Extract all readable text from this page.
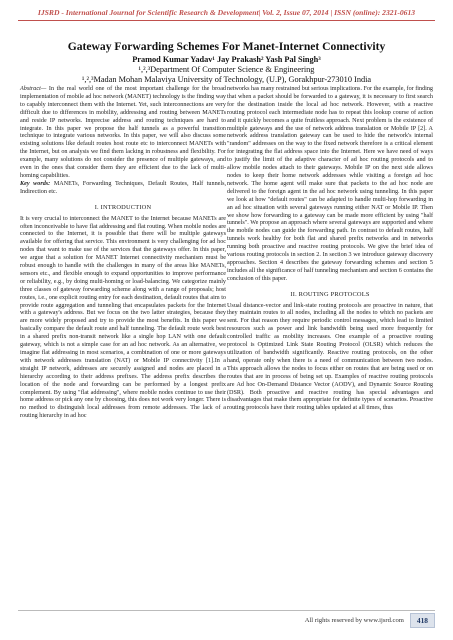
IJSRD - International Journal for Scientific Research & Development| Vol. 2, Issue 07, 2014 | ISSN (online): 2321-0613
Gateway Forwarding Schemes For Manet-Internet Connectivity
Pramod Kumar Yadav¹ Jay Prakash² Yash Pal Singh³
¹,²,³Department Of Computer Science & Engineering
¹,²,³Madan Mohan Malaviya University of Technology, (U.P), Gorakhpur-273010 India

Abstract— In the real world one of the most important challenge for the broad implementation of mobile ad hoc network (MANET) technology is the finding way to capably interconnect them with the Internet. Yet, such interconnections are very difficult due to differences in mobility, addressing and routing between MANETs and reside IP networks. Imprecise address and routing techniques are hard to integrate. In this paper we propose the half tunnels as a powerful transition technique to integrate various networks. In this paper, we will also discuss some existing solutions like default routes host route etc to interconnect MANETs with the Internet, but on analysis we find them lacking in robustness and flexibility. For example, many solutions do not consider the presence of multiple gateways, and even in the ones that consider them they are efficient due to the lack of multi-homing capabilities.

Key words: MANETs, Forwarding Techniques, Default Routes, Half tunnels, Indirection etc.

I. INTRODUCTION

It is very crucial to interconnect the MANET to the Internet because MANETs are often inconceivable to have flat addressing and flat routing. When mobile nodes are connected to the Internet, it is possible that there will be multiple gateways available for offering that service. This environment is very challenging for ad hoc nodes that want to make use of the services that the gateways offer. In this paper, we argue that a solution for MANET Internet connectivity mechanism must be robust enough to handle with the challenges in many of the areas like MANETs, sensors etc., and flexible enough to expand opportunities to improve performance or reliability, e.g., by doing multi-homing or load-balancing. We categorize mainly three classes of gateway forwarding scheme along with a range of proposals; host routes, i.e., one explicit routing entry for each destination, default routes that aim to provide route aggregation and tunneling that encapsulates packets for the Internet with a gateway's address. But we focus on the two latter strategies, because they are more widely proposed and try to provide the most benefits. In this paper we basically compare the default route and half tunneling. The default route work best in a shared prefix non-transit network like a single hop LAN with one default gateway, which is not a simple case for an ad hoc network. As an alternative, we imagine flat addressing in most scenarios, a combination of one or more gateways with network addresses translation (NAT) or Mobile IP connectivity [1].In a straight IP network, addresses are securely assigned and nodes are placed in a hierarchy according to their address prefixes. The address prefix describes the location of the node and forwarding can be performed by a longest prefix complement. By using "flat addressing", where mobile nodes continue to use their home address or pick any one by choosing, this does not work very longer. There is no method to distinguish local addresses from remote addresses. The lack of a routing hierarchy in ad hoc

networks has many restrained but serious implications. For the example, for finding that when a packet should be forwarded to a gateway, it is necessary to first search for the destination inside the local ad hoc network. However, with a reactive routing protocol each intermediate node has to repeat this lookup course of action and it quickly becomes a quite fruitless approach. Next problem is the existence of multiple gateways and the use of network address translation or Mobile IP [2]. A network address translation gateway can be used to hide the network's internal "random" addresses on the way to the fixed network therefore is a critical element for integrating the flat address space into the Internet. Here we have need of ways to justify the limit of the adaptive character of ad hoc routing protocols and to allow mobile nodes attach to their gateways. Mobile IP on the next side allows nodes to keep their home network addresses while visiting a foreign ad hoc network. The home agent will make sure that packets to the ad hoc node are delivered to the foreign agent in the ad hoc network using tunneling. In this paper we look at how "default routes" can be adapted to handle multi-hop forwarding in an ad hoc situation with several gateways running either NAT or Mobile IP. Then we show how forwarding to a gateway can be made more efficient by using "half tunnels". We propose an approach where several gateways are supported and where the mobile nodes can guide the forwarding path. In contrast to default routes, half tunnels work healthy for both flat and shared prefix networks and in networks running both proactive and reactive routing protocols. We give the brief idea of various routing protocols in section 2. In section 3 we introduce gateway discovery approaches. Section 4 describes the gateway forwarding schemes and section 5 includes all the significance of half tunneling mechanism and section 6 contains the conclusion of this paper.

II. ROUTING PROTOCOLS

Usual distance-vector and link-state routing protocols are proactive in nature, that they maintain routes to all nodes, including all the nodes to which no packets are sent. For that reason they require periodic control messages, which lead to limited resources such as power and link bandwidth being used more frequently for controlled traffic as mobility increases. One example of a proactive routing protocol is Optimized Link State Routing Protocol (OLSR) which reduces the utilization of bandwidth significantly. Reactive routing protocols, on the other hand, operate only when there is a need of communication between two nodes. This approach allows the nodes to focus either on routes that are being used or on routes that are in process of being set up. Examples of reactive routing protocols are Ad hoc On-Demand Distance Vector (AODV), and Dynamic Source Routing (DSR). Both proactive and reactive routing has special advantages and disadvantages that make them appropriate for definite types of scenarios. Proactive routing protocols have their routing tables updated at all times, thus

All rights reserved by www.ijsrd.com	418
